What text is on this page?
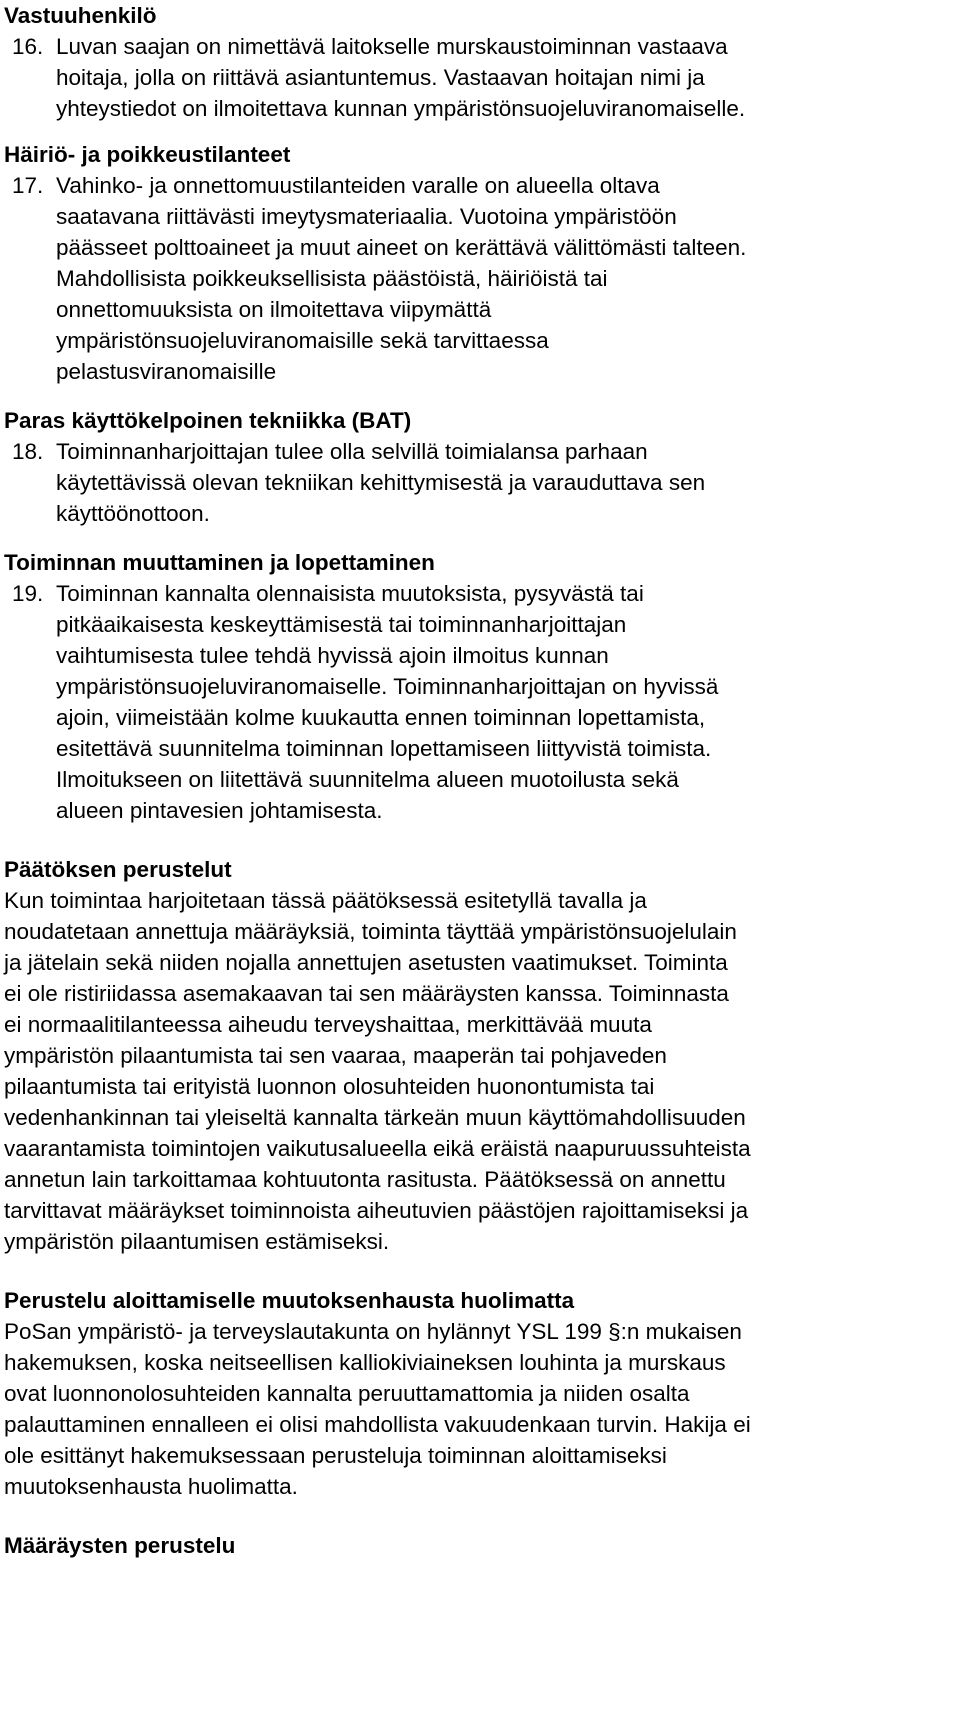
Vastuuhenkilö

16. Luvan saajan on nimettävä laitokselle murskaustoiminnan vastaava
hoitaja, jolla on riittävä asiantuntemus. Vastaavan hoitajan nimi ja
yhteystiedot on ilmoitettava kunnan ympäristönsuojeluviranomaiselle.

Häiriö- ja poikkeustilanteet

17. Vahinko- ja onnettomuustilanteiden varalle on alueella oltava
saatavana riittävästi imeytysmateriaalia. Vuotoina ympäristöön
päässeet polttoaineet ja muut aineet on kerättävä välittömästi talteen.
Mahdollisista poikkeuksellisista päästöistä, häiriöistä tai
onnettomuuksista on ilmoitettava viipymättä
ympäristönsuojeluviranomaisille sekä tarvittaessa
pelastusviranomaisille

Paras käyttökelpoinen tekniikka (BAT)

18. Toiminnanharjoittajan tulee olla selvillä toimialansa parhaan
käytettävissä olevan tekniikan kehittymisestä ja varauduttava sen
käyttöönottoon.

Toiminnan muuttaminen ja lopettaminen

19. Toiminnan kannalta olennaisista muutoksista, pysyvästä tai
pitkäaikaisesta keskeyttämisestä tai toiminnanharjoittajan
vaihtumisesta tulee tehdä hyvissä ajoin ilmoitus kunnan
ympäristönsuojeluviranomaiselle. Toiminnanharjoittajan on hyvissä
ajoin, viimeistään kolme kuukautta ennen toiminnan lopettamista,
esitettävä suunnitelma toiminnan lopettamiseen liittyvistä toimista.
Ilmoitukseen on liitettävä suunnitelma alueen muotoilusta sekä
alueen pintavesien johtamisesta.

Päätöksen perustelut

Kun toimintaa harjoitetaan tässä päätöksessä esitetyllä tavalla ja
noudatetaan annettuja määräyksiä, toiminta täyttää ympäristönsuojelulain
ja jätelain sekä niiden nojalla annettujen asetusten vaatimukset. Toiminta
ei ole ristiriidassa asemakaavan tai sen määräysten kanssa. Toiminnasta
ei normaalitilanteessa aiheudu terveyshaittaa, merkittävää muuta
ympäristön pilaantumista tai sen vaaraa, maaperän tai pohjaveden
pilaantumista tai erityistä luonnon olosuhteiden huonontumista tai
vedenhankinnan tai yleiseltä kannalta tärkeän muun käyttömahdollisuuden
vaarantamista toimintojen vaikutusalueella eikä eräistä naapuruussuhteista
annetun lain tarkoittamaa kohtuutonta rasitusta. Päätöksessä on annettu
tarvittavat määräykset toiminnoista aiheutuvien päästöjen rajoittamiseksi ja
ympäristön pilaantumisen estämiseksi.

Perustelu aloittamiselle muutoksenhausta huolimatta

PoSan ympäristö- ja terveyslautakunta on hylännyt YSL 199 §:n mukaisen
hakemuksen, koska neitseellisen kalliokiviaineksen louhinta ja murskaus
ovat luonnonolosuhteiden kannalta peruuttamattomia ja niiden osalta
palauttaminen ennalleen ei olisi mahdollista vakuudenkaan turvin. Hakija ei
ole esittänyt hakemuksessaan perusteluja toiminnan aloittamiseksi
muutoksenhausta huolimatta.

Määräysten perustelu
